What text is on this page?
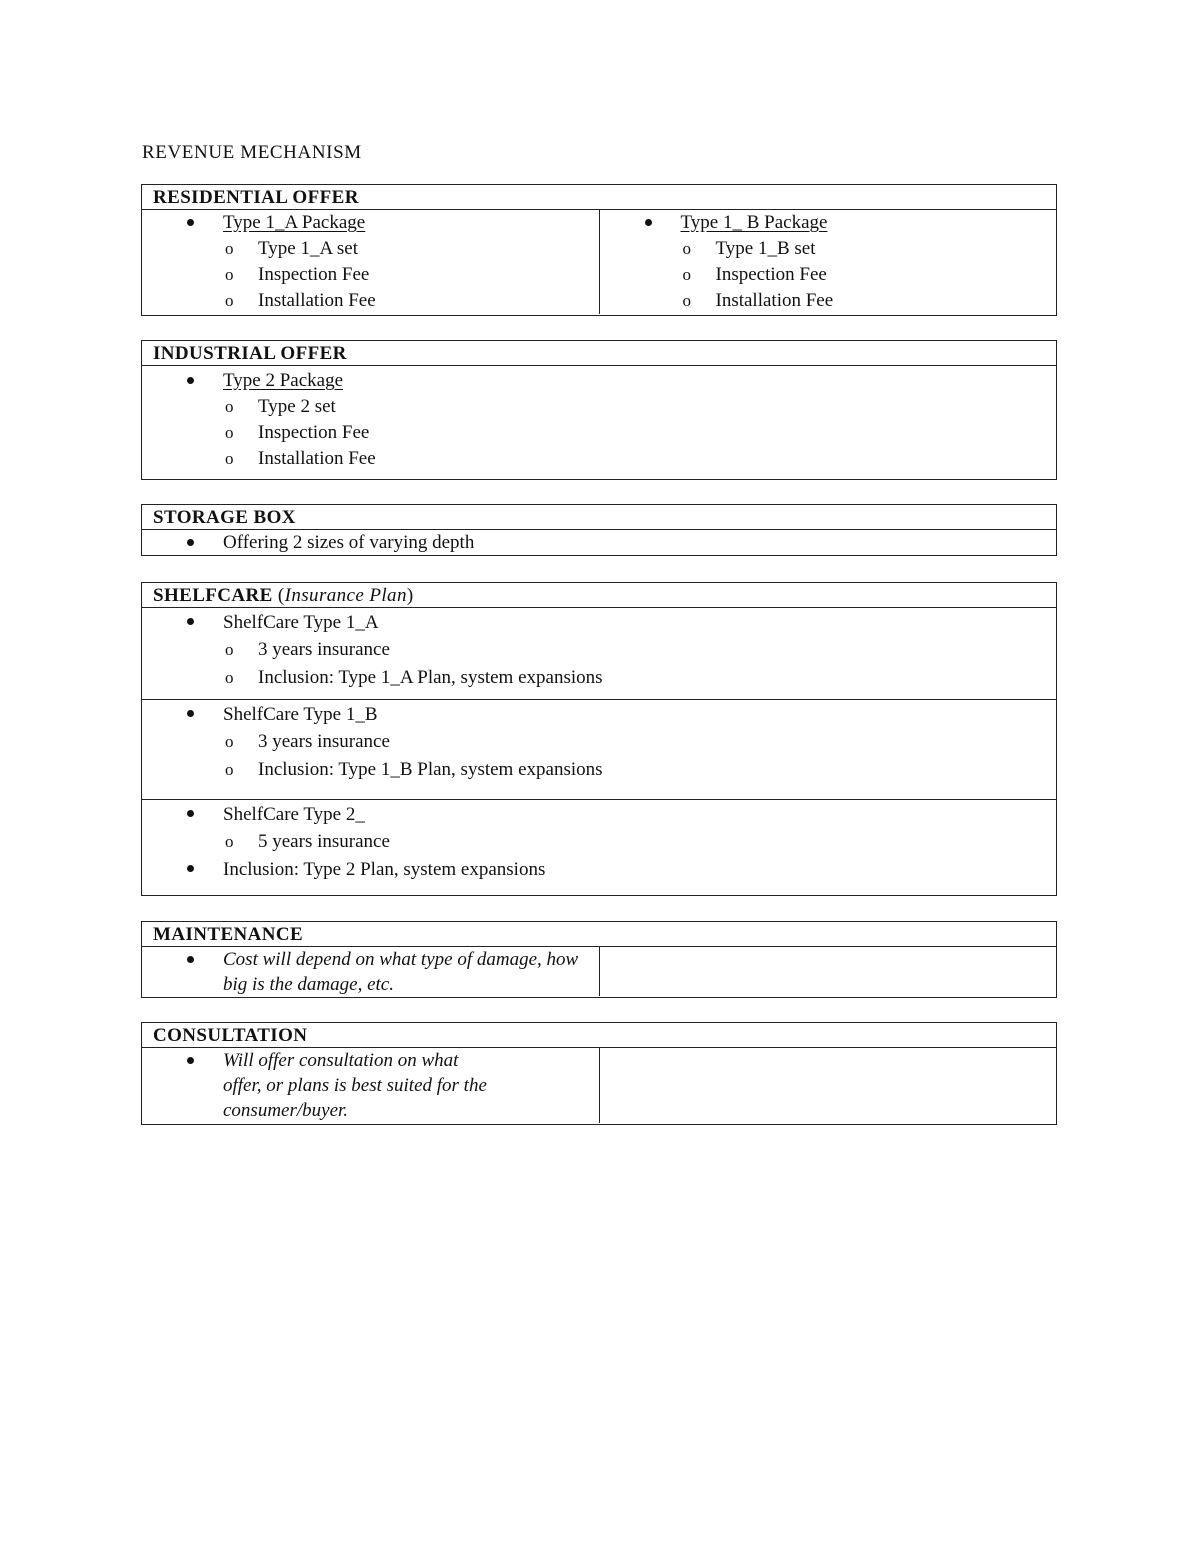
REVENUE MECHANISM
RESIDENTIAL OFFER
Type 1_A Package
o Type 1_A set
o Inspection Fee
o Installation Fee
Type 1_ B Package
o Type 1_B set
o Inspection Fee
o Installation Fee
INDUSTRIAL OFFER
Type 2 Package
o Type 2 set
o Inspection Fee
o Installation Fee
STORAGE BOX
Offering 2 sizes of varying depth
SHELFCARE (Insurance Plan)
ShelfCare Type 1_A
o 3 years insurance
o Inclusion: Type 1_A Plan, system expansions
ShelfCare Type 1_B
o 3 years insurance
o Inclusion: Type 1_B Plan, system expansions
ShelfCare Type 2_
o 5 years insurance
Inclusion: Type 2 Plan, system expansions
MAINTENANCE
Cost will depend on what type of damage, how big is the damage, etc.
CONSULTATION
Will offer consultation on what offer, or plans is best suited for the consumer/buyer.
